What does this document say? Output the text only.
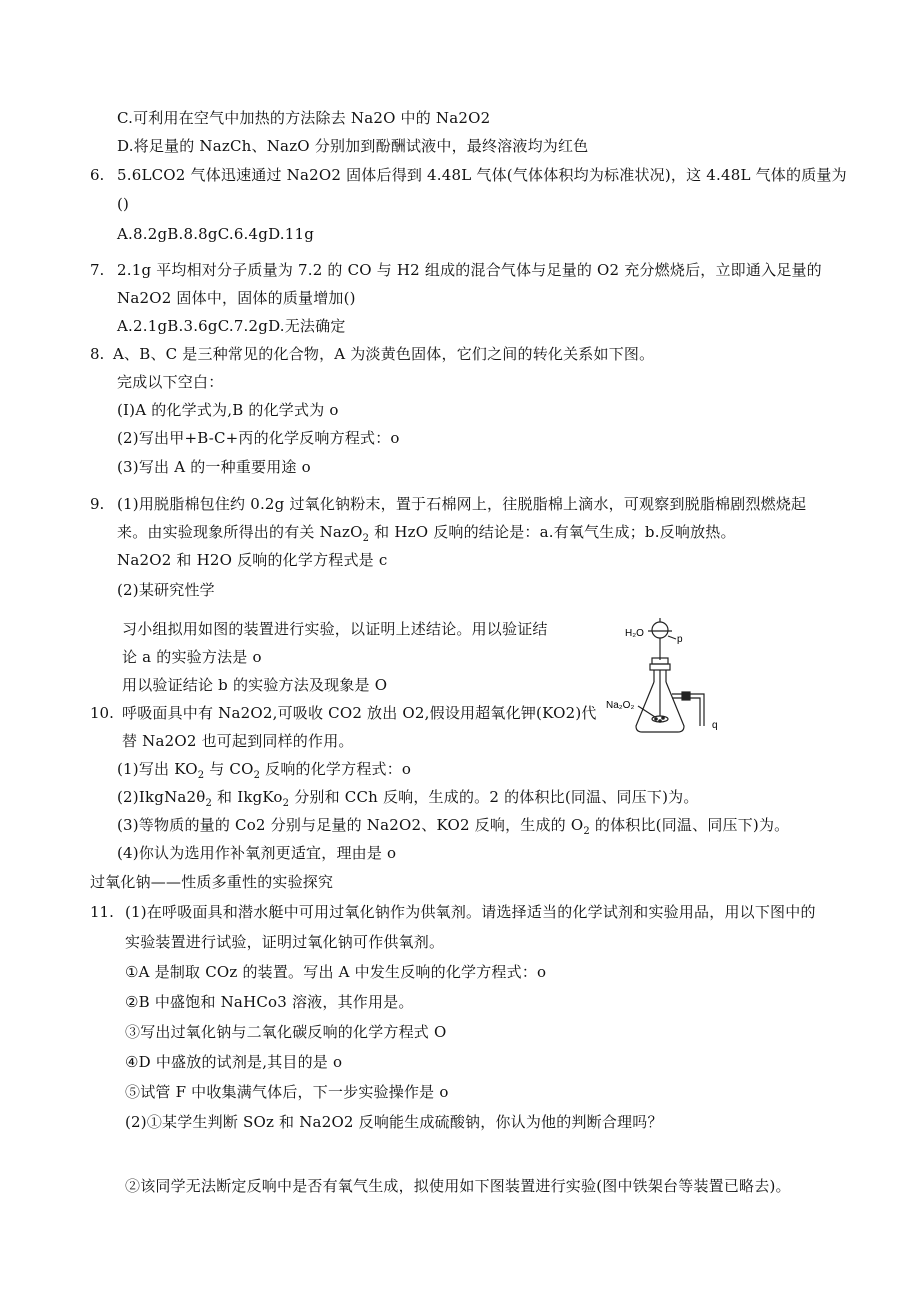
C.可利用在空气中加热的方法除去 Na2O 中的 Na2O2
D.将足量的 NazCh、NazO 分别加到酚酬试液中，最终溶液均为红色
6. 5.6LCO2 气体迅速通过 Na2O2 固体后得到 4.48L 气体(气体体积均为标准状况)，这 4.48L 气体的质量为
()
A.8.2gB.8.8gC.6.4gD.11g
7. 2.1g 平均相对分子质量为 7.2 的 CO 与 H2 组成的混合气体与足量的 O2 充分燃烧后，立即通入足量的
Na2O2 固体中，固体的质量增加()
A.2.1gB.3.6gC.7.2gD.无法确定
8. A、B、C 是三种常见的化合物，A 为淡黄色固体，它们之间的转化关系如下图。
完成以下空白：
(I)A 的化学式为,B 的化学式为 o
(2)写出甲+B-C+丙的化学反响方程式：o
(3)写出 A 的一种重要用途 o
9. (1)用脱脂棉包住约 0.2g 过氧化钠粉末，置于石棉网上，往脱脂棉上滴水，可观察到脱脂棉剧烈燃烧起
来。由实验现象所得出的有关 NazO$_2$ 和 HzO 反响的结论是：a.有氧气生成；b.反响放热。
Na2O2 和 H2O 反响的化学方程式是 c
(2)某研究性学
习小组拟用如图的装置进行实验，以证明上述结论。用以验证结
论 a 的实验方法是 o
用以验证结论 b 的实验方法及现象是 O
10. 呼吸面具中有 Na2O2,可吸收 CO2 放出 O2,假设用超氧化钾(KO2)代
替 Na2O2 也可起到同样的作用。
(1)写出 $KO_2$ 与 $CO_2$ 反响的化学方程式：o
$(2)IkgNa2\theta_2$ 和 IkgKo$_2$ 分别和 CCh 反响，生成的。2 的体积比(同温、同压下)为。
(3)等物质的量的 Co2 分别与足量的 Na2O2、KO2 反响，生成的 $O_2$ 的体积比(同温、同压下)为。
(4)你认为选用作补氧剂更适宜，理由是 o
过氧化钠——性质多重性的实验探究
11. (1)在呼吸面具和潜水艇中可用过氧化钠作为供氧剂。请选择适当的化学试剂和实验用品，用以下图中的
实验装置进行试验，证明过氧化钠可作供氧剂。
①A 是制取 COz 的装置。写出 A 中发生反响的化学方程式：o
②B 中盛饱和 NaHCo3 溶液，其作用是。
③写出过氧化钠与二氧化碳反响的化学方程式 O
④D 中盛放的试剂是,其目的是 o
⑤试管 F 中收集满气体后，下一步实验操作是 o
(2)①某学生判断 SOz 和 Na2O2 反响能生成硫酸钠，你认为他的判断合理吗？
②该同学无法断定反响中是否有氧气生成，拟使用如下图装置进行实验(图中铁架台等装置已略去)。
H₂O
p
Na₂O₂
q
